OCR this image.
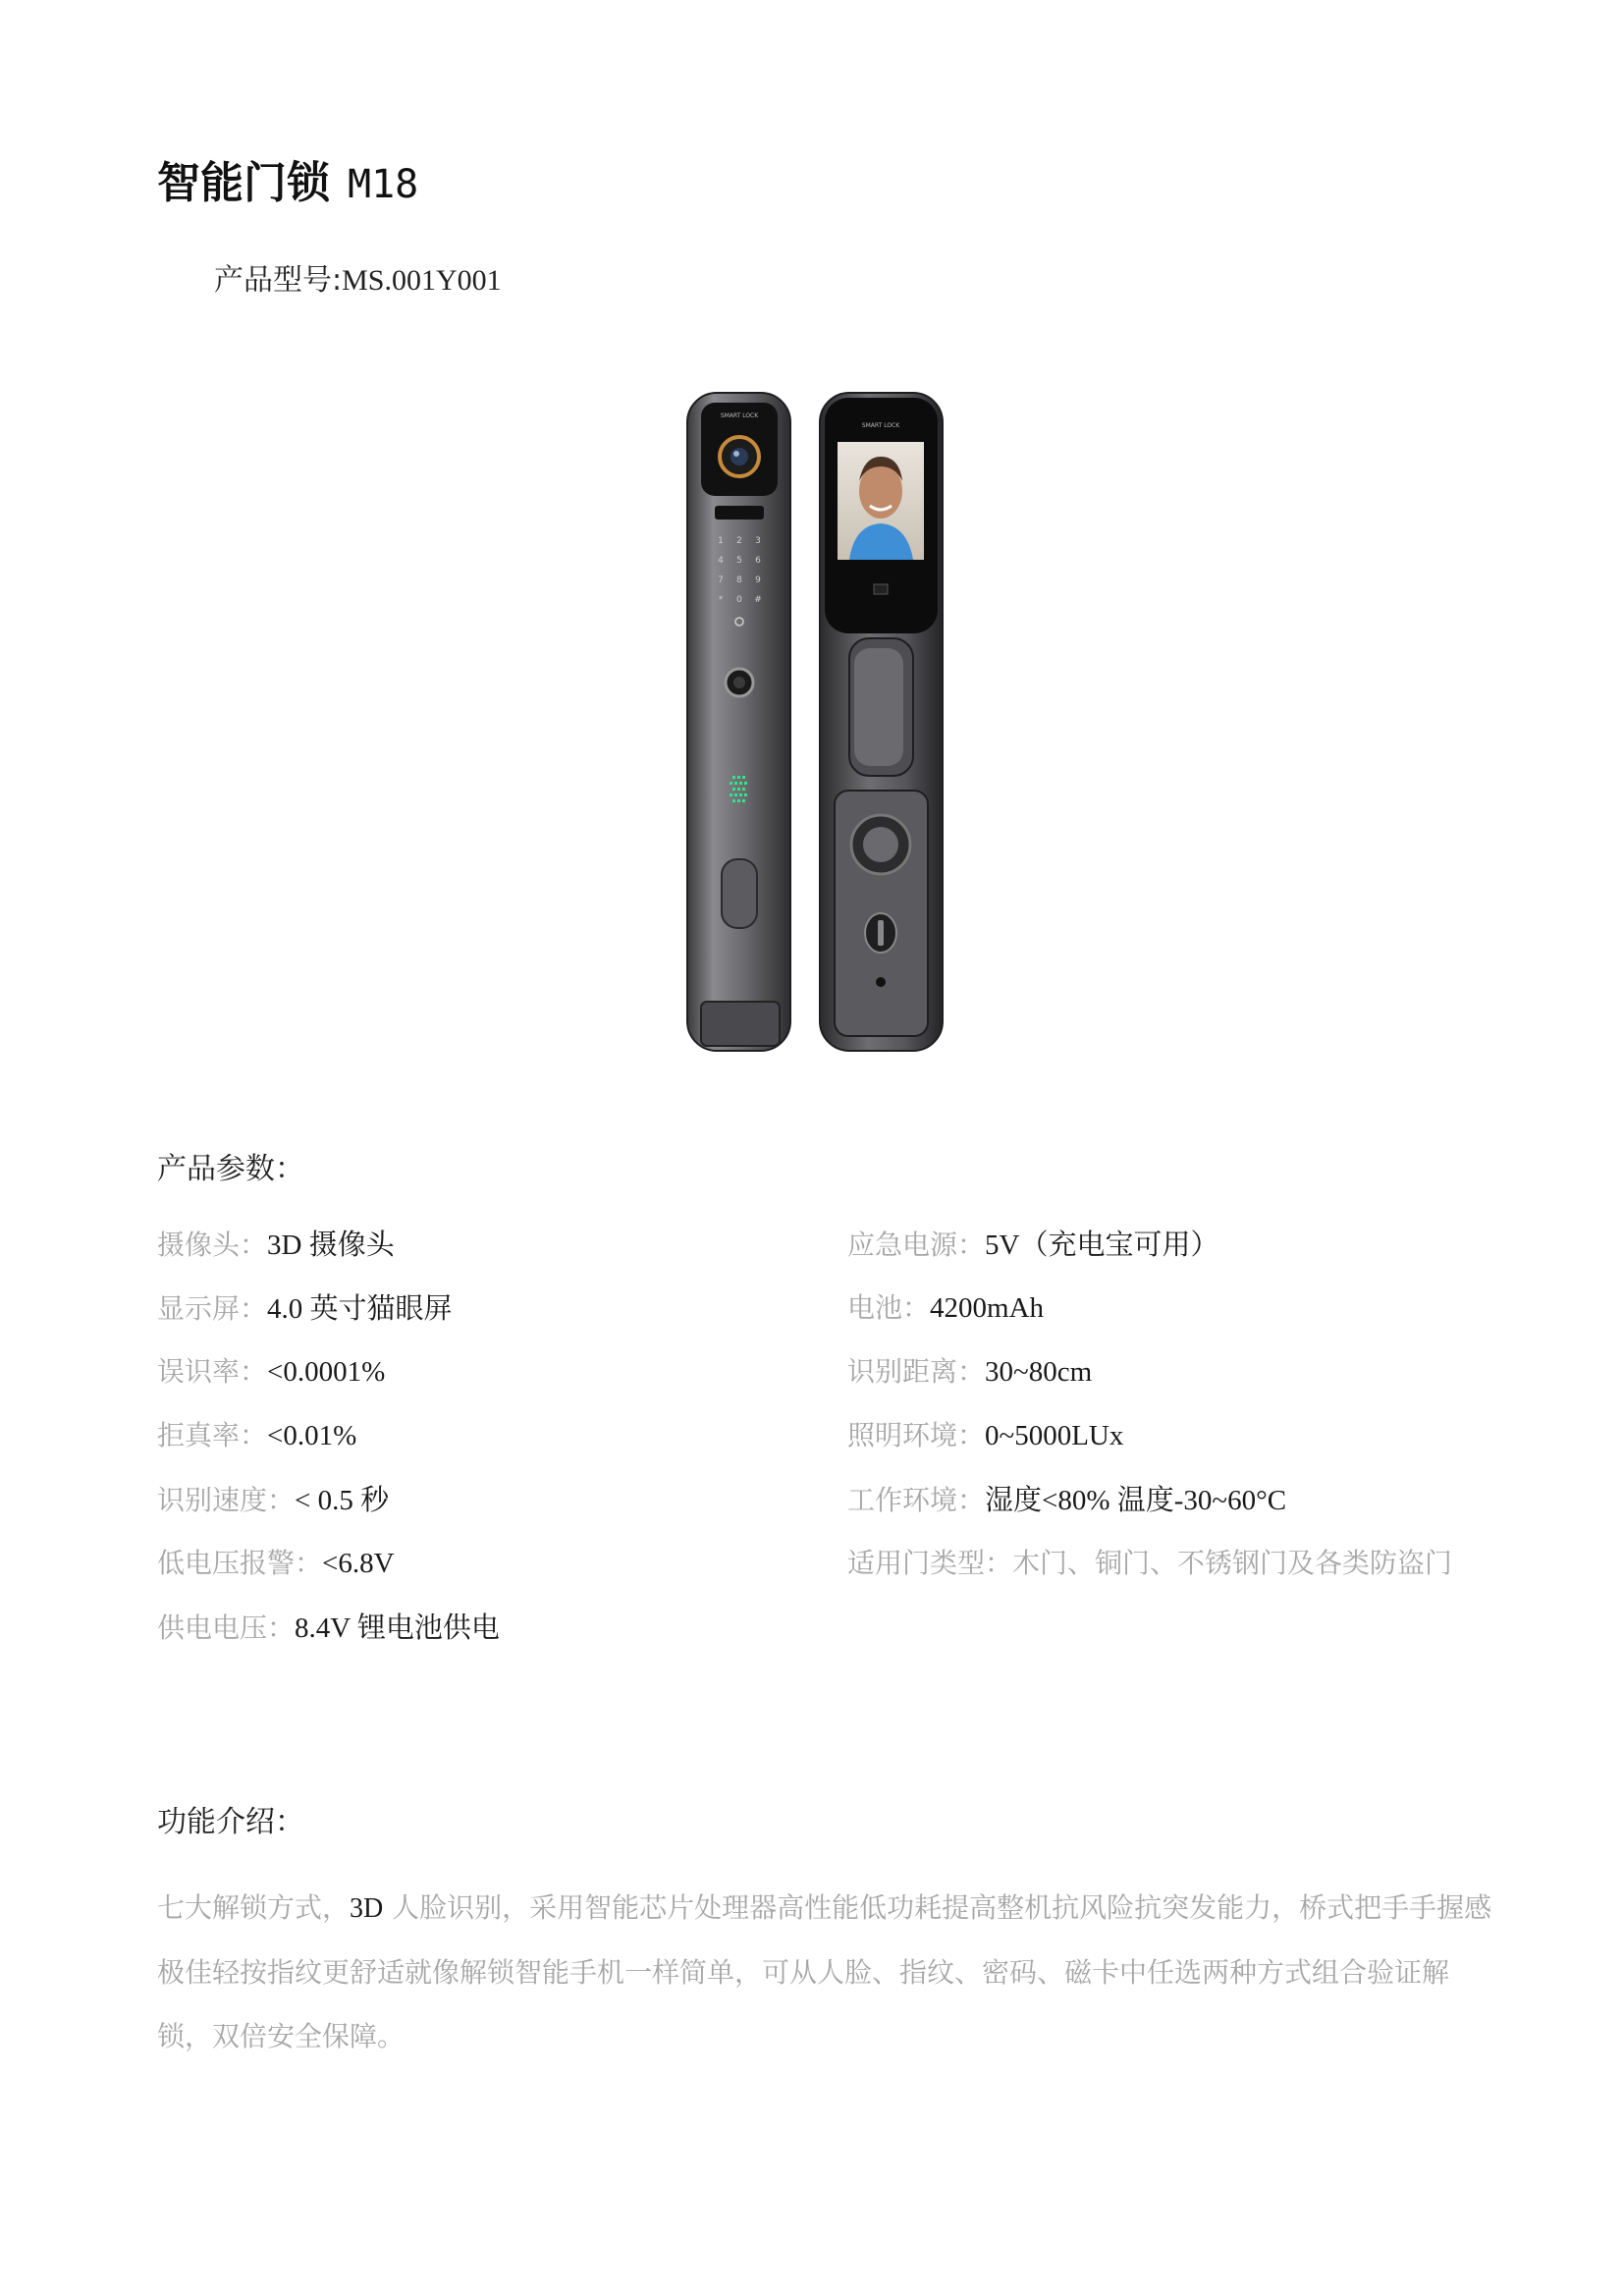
智能门锁 M18
产品型号:MS.001Y001
SMART LOCK
1 2 3
4 5 6
7 8 9
* 0 #
SMART LOCK
产品参数：
摄像头：3D 摄像头
显示屏：4.0 英寸猫眼屏
误识率：<0.0001%
拒真率：<0.01%
识别速度：< 0.5 秒
低电压报警：<6.8V
供电电压：8.4V 锂电池供电
应急电源：5V（充电宝可用）
电池：4200mAh
识别距离：30~80cm
照明环境：0~5000LUx
工作环境：湿度<80% 温度-30~60°C
适用门类型：木门、铜门、不锈钢门及各类防盗门
功能介绍：
七大解锁方式，3D 人脸识别，采用智能芯片处理器高性能低功耗提高整机抗风险抗突发能力，桥式把手手握感极佳轻按指纹更舒适就像解锁智能手机一样简单，可从人脸、指纹、密码、磁卡中任选两种方式组合验证解锁，双倍安全保障。
